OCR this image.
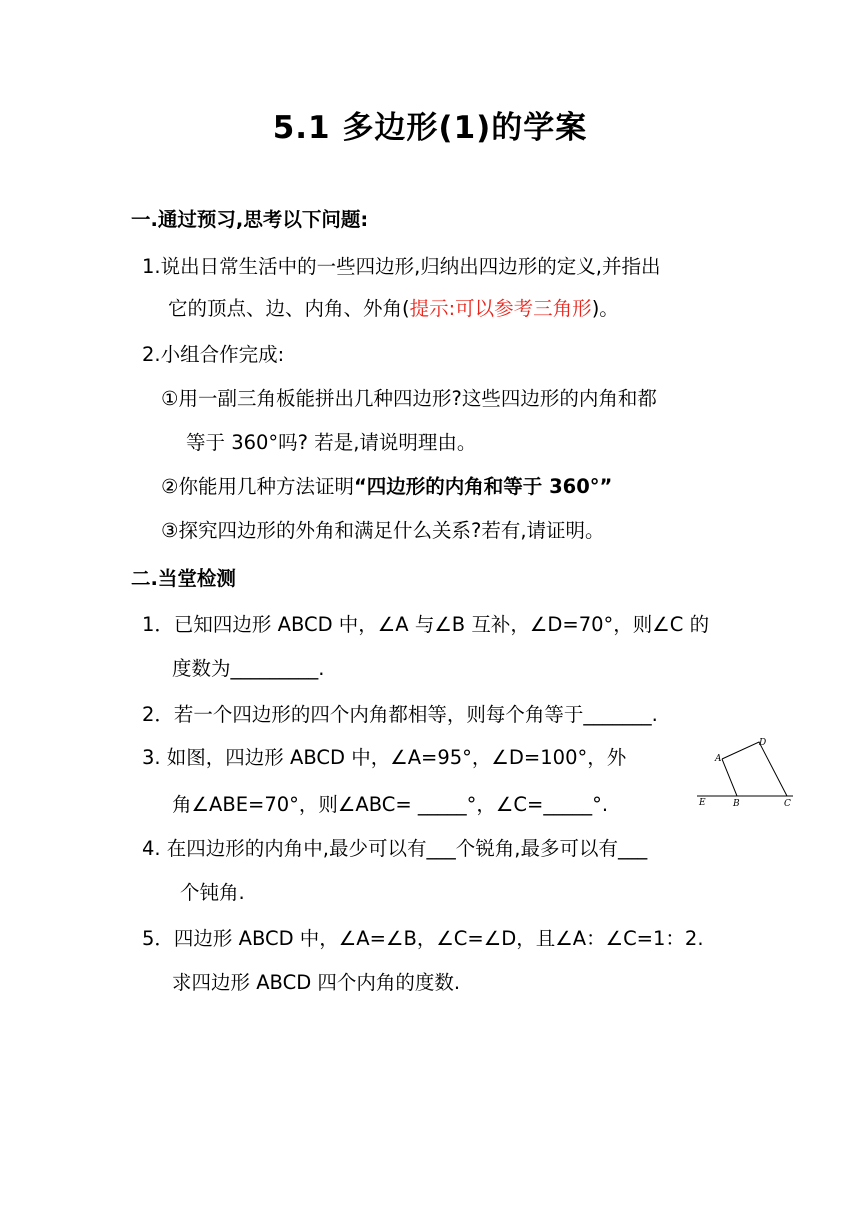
5.1 多边形(1)的学案
一.通过预习,思考以下问题:
1.说出日常生活中的一些四边形,归纳出四边形的定义,并指出
它的顶点、边、内角、外角(提示:可以参考三角形)。
2.小组合作完成:
①用一副三角板能拼出几种四边形?这些四边形的内角和都
等于 360°吗? 若是,请说明理由。
②你能用几种方法证明“四边形的内角和等于 360°”
③探究四边形的外角和满足什么关系?若有,请证明。
二.当堂检测
1．已知四边形 ABCD 中，∠A 与∠B 互补，∠D=70°，则∠C 的
度数为_________.
2．若一个四边形的四个内角都相等，则每个角等于_______.
3. 如图，四边形 ABCD 中，∠A=95°，∠D=100°，外
角∠ABE=70°，则∠ABC= _____°，∠C=_____°.
A
D
E	B	C
4. 在四边形的内角中,最少可以有___个锐角,最多可以有___
个钝角.
5．四边形 ABCD 中，∠A=∠B，∠C=∠D，且∠A：∠C=1：2.
求四边形 ABCD 四个内角的度数.
